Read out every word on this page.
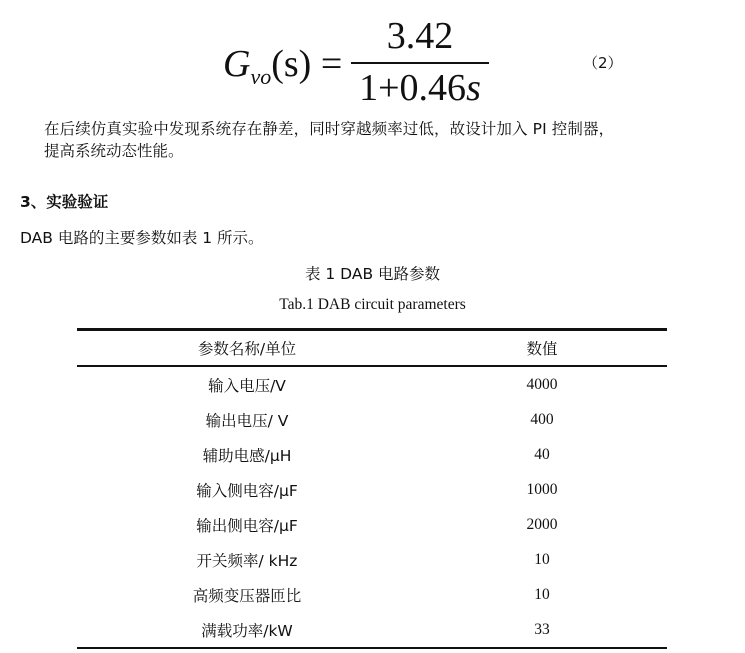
$G_{vo}(s)$ =
3.42
1+0.46s
（2）
在后续仿真实验中发现系统存在静差，同时穿越频率过低，故设计加入 PI 控制器，
提高系统动态性能。
3、实验验证
DAB 电路的主要参数如表 1 所示。
表 1 DAB 电路参数
Tab.1 DAB circuit parameters
参数名称/单位	数值
输入电压/V	4000
输出电压/ V	400
辅助电感/μH	40
输入侧电容/μF	1000
输出侧电容/μF	2000
开关频率/ kHz	10
高频变压器匝比	10
满载功率/kW	33
